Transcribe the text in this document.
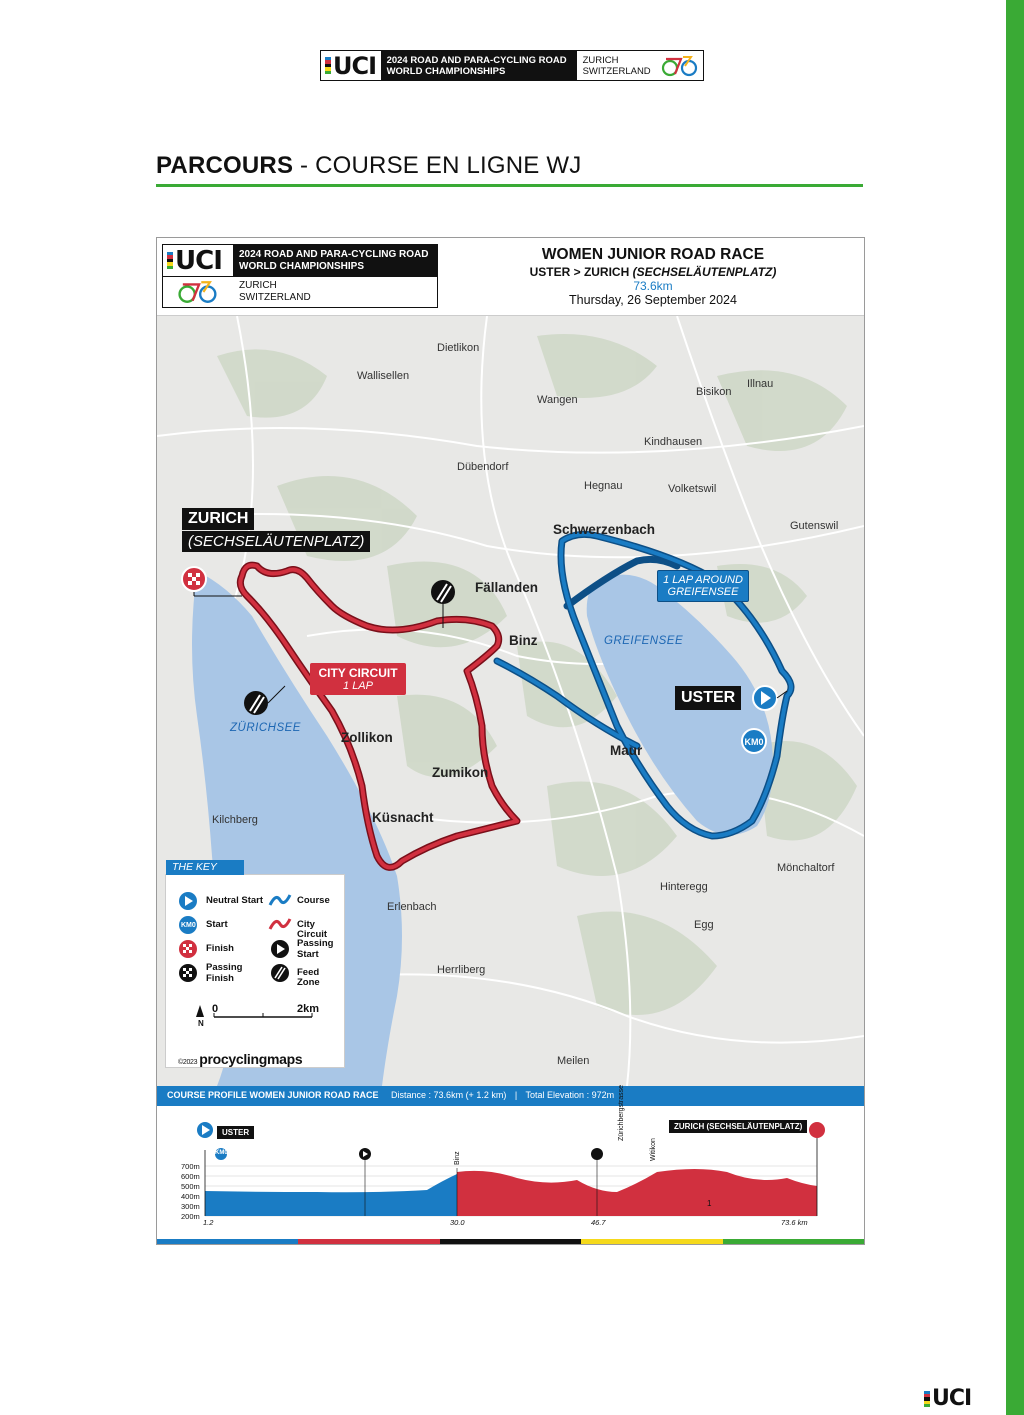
UCI 2024 ROAD AND PARA-CYCLING ROAD
WORLD CHAMPIONSHIPS
ZURICH
SWITZERLAND
PARCOURS - COURSE EN LIGNE WJ
UCI 2024 ROAD AND PARA-CYCLING ROAD
WORLD CHAMPIONSHIPS
ZURICH
SWITZERLAND
WOMEN JUNIOR ROAD RACE
USTER > ZURICH (SECHSELÄUTENPLATZ)
73.6km
Thursday, 26 September 2024
KM0
Dietlikon
Wallisellen
Bisikon
Illnau
Wangen
Kindhausen
Dübendorf
Hegnau	Volketswil
Schwerzenbach	Gutenswil
Fällanden
Binz
Zollikon
Zumikon
Küsnacht
Maur
Kilchberg
Mönchaltorf
Hinteregg
Egg
Erlenbach
Herrliberg
Meilen
GREIFENSEE
ZÜRICHSEE
ZURICH
(SECHSELÄUTENPLATZ)
USTER
CITY CIRCUIT
1 LAP
1 LAP AROUND
GREIFENSEE
THE KEY
Neutral Start
KM0 Start
Finish
Passing
Finish
Course
City Circuit
Passing
Start
Feed Zone
N
0	2km
©2023 procyclingmaps
COURSE PROFILE WOMEN JUNIOR ROAD RACE Distance : 73.6km (+ 1.2 km) | Total Elevation : 972m
1
USTER
ZURICH (SECHSELÄUTENPLATZ)
KM0	Binz
Zürichbergstrasse
Witikon
700m
600m
500m
400m
300m
200m
1.2	30.0	46.7	73.6 km
UCI
